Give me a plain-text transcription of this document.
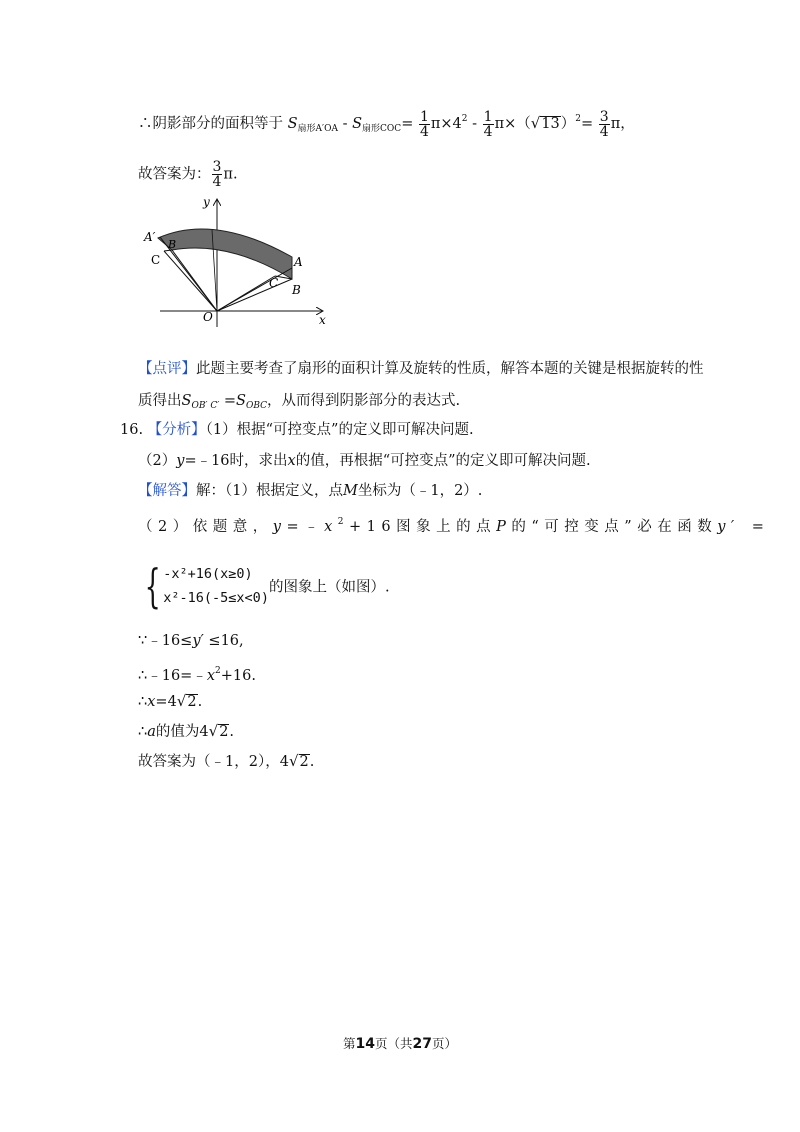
∴阴影部分的面积等于 $S_{扇形A'OA} - S_{扇形COC}= \frac{1}{4} \pi\times 4^2 - \frac{1}{4} \pi\times(√13)^2= \frac{3}{4}$ π，
故答案为： $\frac{3}{4} \pi$.
y
x
O
A
B
C
A′
B
C
【点评】此题主要考查了扇形的面积计算及旋转的性质，解答本题的关键是根据旋转的性
质得出$S_{OB' C'} =S_{OBC}$，从而得到阴影部分的表达式.
16. 【分析】（1）根据“可控变点”的定义即可解决问题.
（2）y=﹣16时，求出x的值，再根据“可控变点”的定义即可解决问题.
【解答】解：（1）根据定义，点M坐标为（﹣1，2）.
（2）依题意，$y=﹣x^2+16$图象上的点P的“可控变点”必在函数y′ =
{ -x²+16(x≥0)
x²-16(-5≤x<0)的图象上（如图）.
∵﹣16≤y′ ≤16,
$\therefore﹣16=﹣x^2+16$.
∴x=4√2.
∴a的值为4√2.
故答案为（﹣1，2），4√2.
第14页（共27页）
